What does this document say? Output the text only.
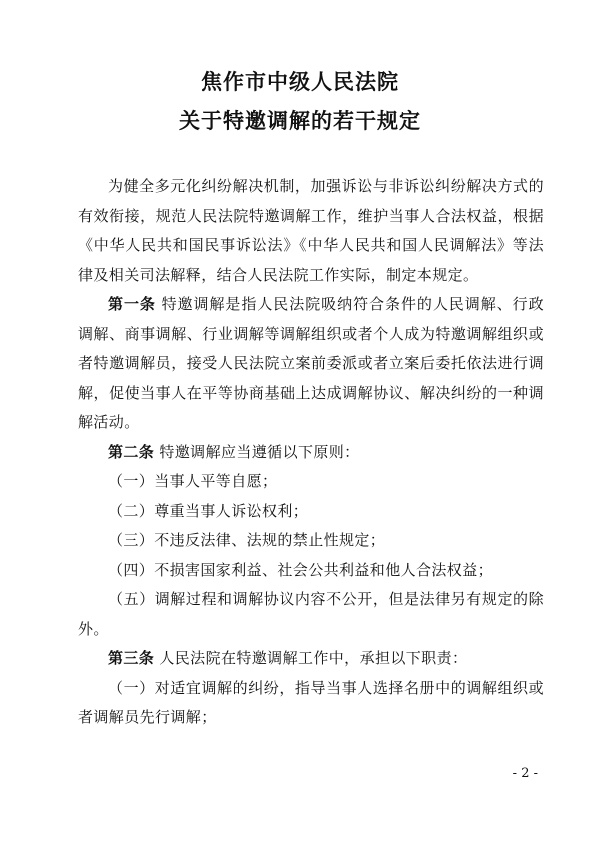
焦作市中级人民法院
关于特邀调解的若干规定

为健全多元化纠纷解决机制，加强诉讼与非诉讼纠纷解决方式的有效衔接，规范人民法院特邀调解工作，维护当事人合法权益，根据《中华人民共和国民事诉讼法》《中华人民共和国人民调解法》等法律及相关司法解释，结合人民法院工作实际，制定本规定。

第一条 特邀调解是指人民法院吸纳符合条件的人民调解、行政调解、商事调解、行业调解等调解组织或者个人成为特邀调解组织或者特邀调解员，接受人民法院立案前委派或者立案后委托依法进行调解，促使当事人在平等协商基础上达成调解协议、解决纠纷的一种调解活动。

第二条 特邀调解应当遵循以下原则：

（一）当事人平等自愿；

（二）尊重当事人诉讼权利；

（三）不违反法律、法规的禁止性规定；

（四）不损害国家利益、社会公共利益和他人合法权益；

（五）调解过程和调解协议内容不公开，但是法律另有规定的除外。

第三条 人民法院在特邀调解工作中，承担以下职责：

（一）对适宜调解的纠纷，指导当事人选择名册中的调解组织或者调解员先行调解；

- 2 -
